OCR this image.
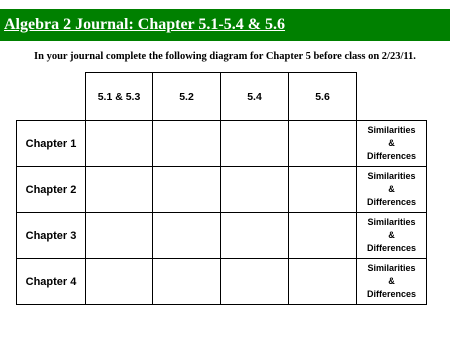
Algebra 2 Journal: Chapter 5.1-5.4 & 5.6
In your journal complete the following diagram for Chapter 5 before class on 2/23/11.
	5.1 & 5.3	5.2	5.4	5.6	
Chapter 1					Similarities
&
Differences

Chapter 2					Similarities
&
Differences

Chapter 3					Similarities
&
Differences

Chapter 4					Similarities
&
Differences
